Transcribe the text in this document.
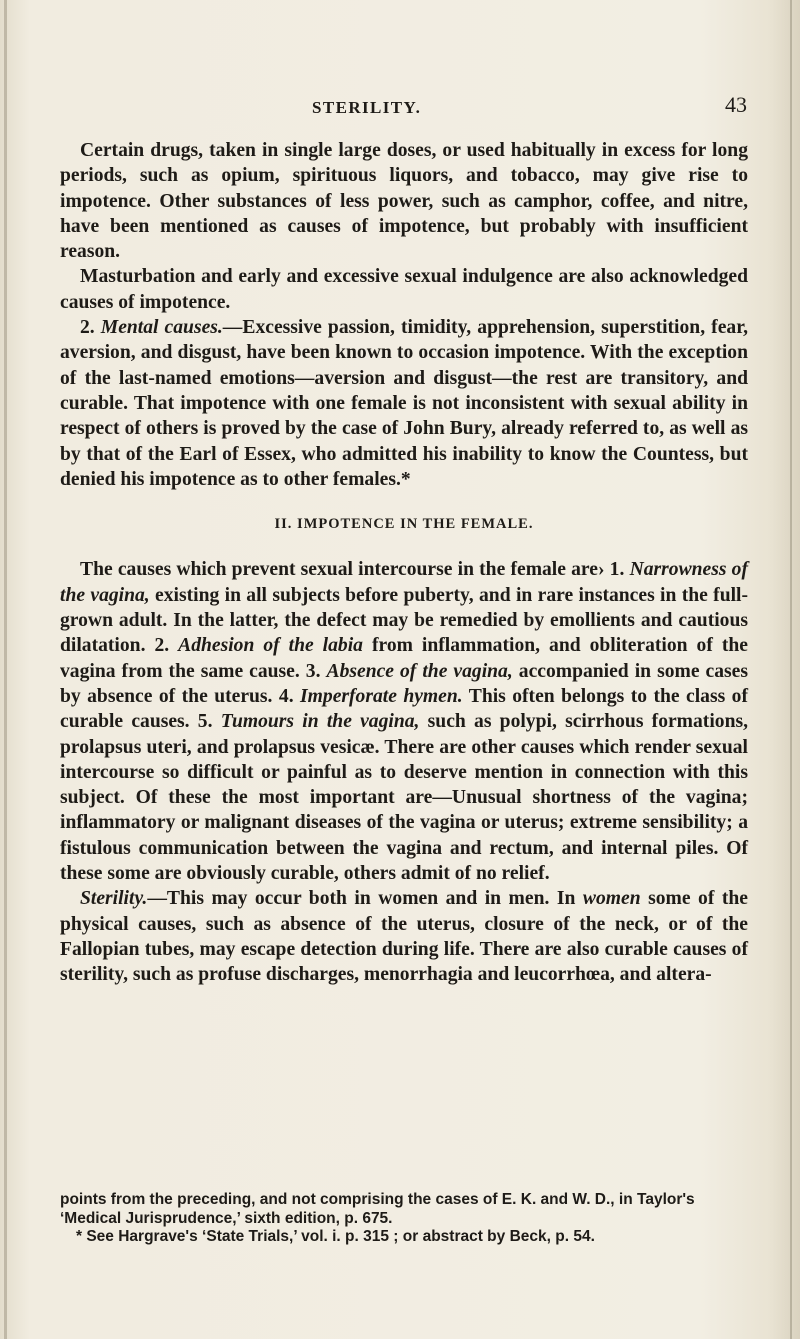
STERILITY.	43

Certain drugs, taken in single large doses, or used habitually in excess for long periods, such as opium, spirituous liquors, and tobacco, may give rise to impotence. Other substances of less power, such as camphor, coffee, and nitre, have been mentioned as causes of impotence, but probably with insufficient reason.

Masturbation and early and excessive sexual indulgence are also acknowledged causes of impotence.

2. Mental causes.—Excessive passion, timidity, apprehension, superstition, fear, aversion, and disgust, have been known to occasion impotence. With the exception of the last-named emotions—aversion and disgust—the rest are transitory, and curable. That impotence with one female is not inconsistent with sexual ability in respect of others is proved by the case of John Bury, already referred to, as well as by that of the Earl of Essex, who admitted his inability to know the Countess, but denied his impotence as to other females.*

II. IMPOTENCE IN THE FEMALE.

The causes which prevent sexual intercourse in the female are› 1. Narrowness of the vagina, existing in all subjects before puberty, and in rare instances in the full-grown adult. In the latter, the defect may be remedied by emollients and cautious dilatation. 2. Adhesion of the labia from inflammation, and obliteration of the vagina from the same cause. 3. Absence of the vagina, accompanied in some cases by absence of the uterus. 4. Imperforate hymen. This often belongs to the class of curable causes. 5. Tumours in the vagina, such as polypi, scirrhous formations, prolapsus uteri, and prolapsus vesicæ. There are other causes which render sexual intercourse so difficult or painful as to deserve mention in connection with this subject. Of these the most important are—Unusual shortness of the vagina; inflammatory or malignant diseases of the vagina or uterus; extreme sensibility; a fistulous communication between the vagina and rectum, and internal piles. Of these some are obviously curable, others admit of no relief.

Sterility.—This may occur both in women and in men. In women some of the physical causes, such as absence of the uterus, closure of the neck, or of the Fallopian tubes, may escape detection during life. There are also curable causes of sterility, such as profuse discharges, menorrhagia and leucorrhœa, and altera-

points from the preceding, and not comprising the cases of E. K. and W. D., in Taylor's ‘Medical Jurisprudence,’ sixth edition, p. 675.

* See Hargrave's ‘State Trials,’ vol. i. p. 315 ; or abstract by Beck, p. 54.
